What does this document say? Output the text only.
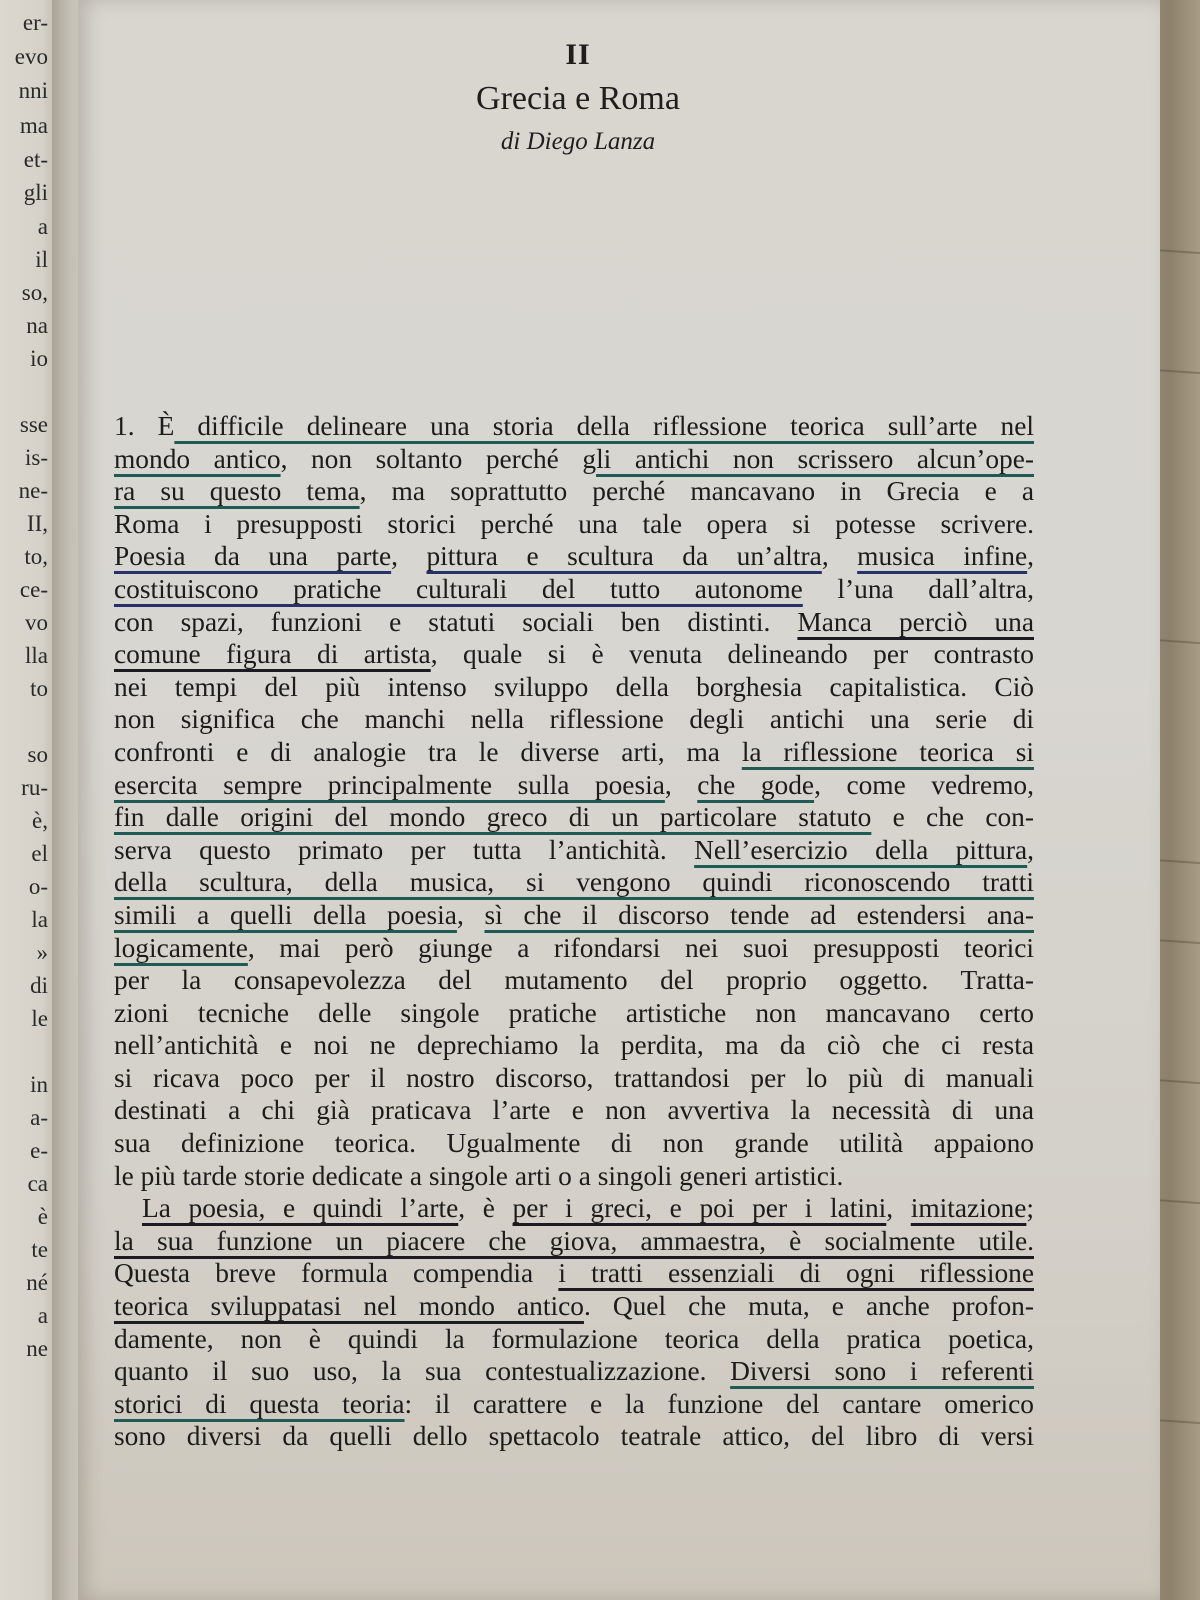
er-
evo
nni
ma
et-
gli
a
il
so,
na
io
sse
is-
ne-
II,
to,
ce-
vo
lla
to
so
ru-
è,
el
o-
la
»
di
le
in
a-
e-
ca
è
te
né
a
ne
II
Grecia e Roma
di Diego Lanza
1. È difficile delineare una storia della riflessione teorica sull’arte nel
mondo antico, non soltanto perché gli antichi non scrissero alcun’ope-
ra su questo tema, ma soprattutto perché mancavano in Grecia e a
Roma i presupposti storici perché una tale opera si potesse scrivere.
Poesia da una parte, pittura e scultura da un’altra, musica infine,
costituiscono pratiche culturali del tutto autonome l’una dall’altra,
con spazi, funzioni e statuti sociali ben distinti. Manca perciò una
comune figura di artista, quale si è venuta delineando per contrasto
nei tempi del più intenso sviluppo della borghesia capitalistica. Ciò
non significa che manchi nella riflessione degli antichi una serie di
confronti e di analogie tra le diverse arti, ma la riflessione teorica si
esercita sempre principalmente sulla poesia, che gode, come vedremo,
fin dalle origini del mondo greco di un particolare statuto e che con-
serva questo primato per tutta l’antichità. Nell’esercizio della pittura,
della scultura, della musica, si vengono quindi riconoscendo tratti
simili a quelli della poesia, sì che il discorso tende ad estendersi ana-
logicamente, mai però giunge a rifondarsi nei suoi presupposti teorici
per la consapevolezza del mutamento del proprio oggetto. Tratta-
zioni tecniche delle singole pratiche artistiche non mancavano certo
nell’antichità e noi ne deprechiamo la perdita, ma da ciò che ci resta
si ricava poco per il nostro discorso, trattandosi per lo più di manuali
destinati a chi già praticava l’arte e non avvertiva la necessità di una
sua definizione teorica. Ugualmente di non grande utilità appaiono
le più tarde storie dedicate a singole arti o a singoli generi artistici.
La poesia, e quindi l’arte, è per i greci, e poi per i latini, imitazione;
la sua funzione un piacere che giova, ammaestra, è socialmente utile.
Questa breve formula compendia i tratti essenziali di ogni riflessione
teorica sviluppatasi nel mondo antico. Quel che muta, e anche profon-
damente, non è quindi la formulazione teorica della pratica poetica,
quanto il suo uso, la sua contestualizzazione. Diversi sono i referenti
storici di questa teoria: il carattere e la funzione del cantare omerico
sono diversi da quelli dello spettacolo teatrale attico, del libro di versi
